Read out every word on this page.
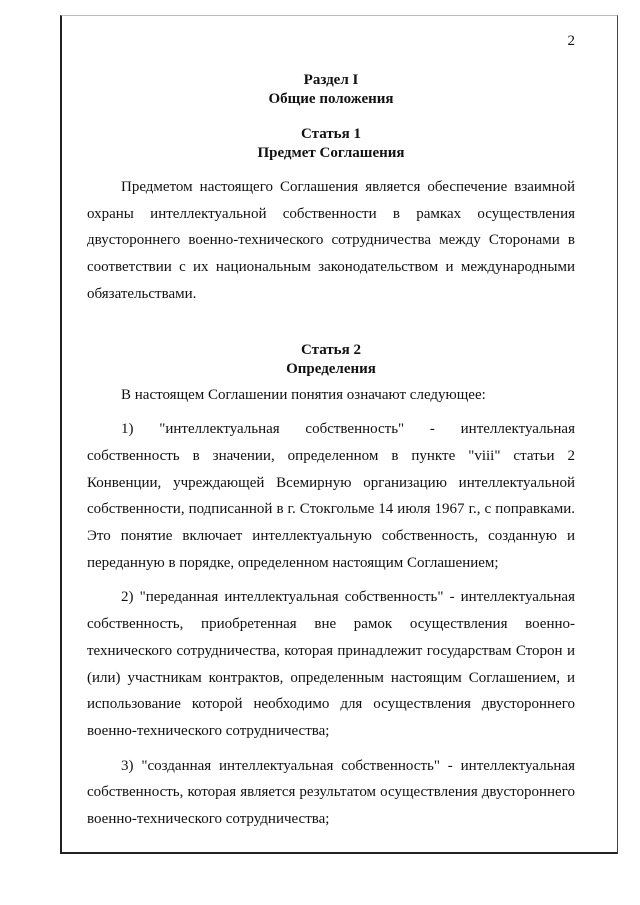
2
Раздел I
Общие положения
Статья 1
Предмет Соглашения

Предметом настоящего Соглашения является обеспечение взаимной охраны интеллектуальной собственности в рамках осуществления двустороннего военно-технического сотрудничества между Сторонами в соответствии с их национальным законодательством и международными обязательствами.

Статья 2
Определения

В настоящем Соглашении понятия означают следующее:

1) "интеллектуальная собственность" - интеллектуальная собственность в значении, определенном в пункте "viii" статьи 2 Конвенции, учреждающей Всемирную организацию интеллектуальной собственности, подписанной в г. Стокгольме 14 июля 1967 г., с поправками. Это понятие включает интеллектуальную собственность, созданную и переданную в порядке, определенном настоящим Соглашением;

2) "переданная интеллектуальная собственность" - интеллектуальная собственность, приобретенная вне рамок осуществления военно-технического сотрудничества, которая принадлежит государствам Сторон и (или) участникам контрактов, определенным настоящим Соглашением, и использование которой необходимо для осуществления двустороннего военно-технического сотрудничества;

3) "созданная интеллектуальная собственность" - интеллектуальная собственность, которая является результатом осуществления двустороннего военно-технического сотрудничества;
